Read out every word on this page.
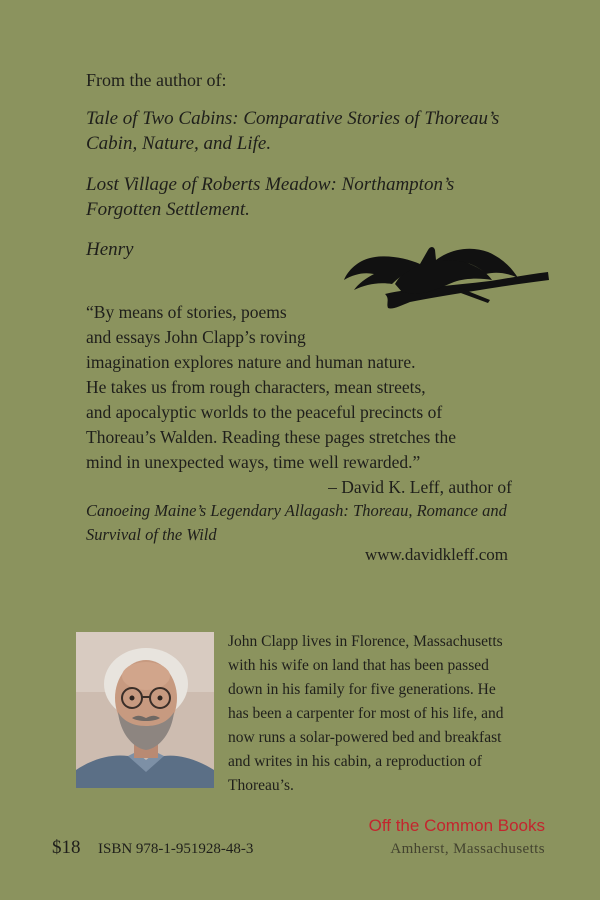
From the author of:

Tale of Two Cabins: Comparative Stories of Thoreau’s Cabin, Nature, and Life.

Lost Village of Roberts Meadow: Northampton’s Forgotten Settlement.

Henry

“By means of stories, poems
and essays John Clapp’s roving
imagination explores nature and human nature.
He takes us from rough characters, mean streets,
and apocalyptic worlds to the peaceful precincts of
Thoreau’s Walden. Reading these pages stretches the
mind in unexpected ways, time well rewarded.”
– David K. Leff, author of
Canoeing Maine’s Legendary Allagash: Thoreau, Romance and Survival of the Wild
www.davidkleff.com
John Clapp lives in Florence, Massachusetts
with his wife on land that has been passed
down in his family for five generations. He
has been a carpenter for most of his life, and
now runs a solar-powered bed and breakfast
and writes in his cabin, a reproduction of
Thoreau’s.
$18 ISBN 978-1-951928-48-3
Off the Common Books
Amherst, Massachusetts
